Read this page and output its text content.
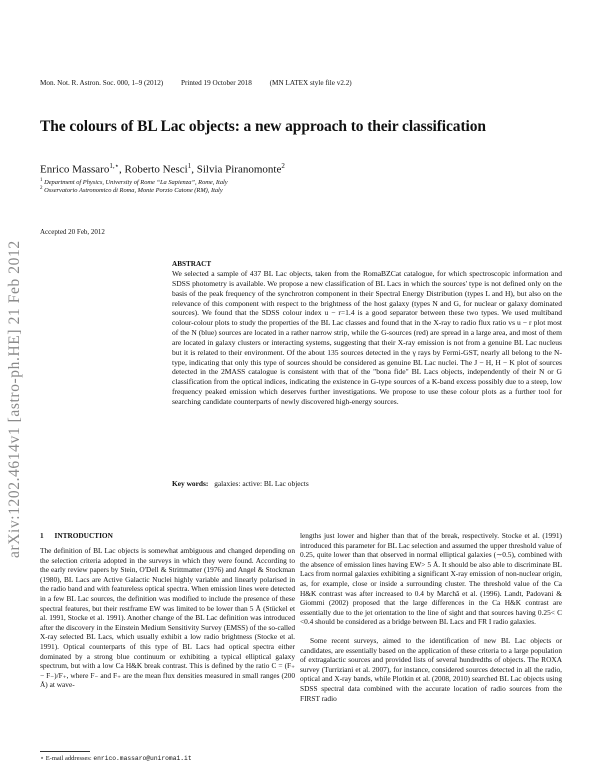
arXiv:1202.4614v1 [astro-ph.HE] 21 Feb 2012
Mon. Not. R. Astron. Soc. 000, 1–9 (2012) Printed 19 October 2018 (MN LATEX style file v2.2)
The colours of BL Lac objects: a new approach to their classification
Enrico Massaro$^{1,⋆}$, Roberto Nesci$^1$, Silvia Piranomonte$^2$
$^1$ Department of Physics, University of Rome “La Sapienza”, Rome, Italy
$^2$ Osservatorio Astronomico di Roma, Monte Porzio Catone (RM), Italy
Accepted 20 Feb, 2012
ABSTRACT
We selected a sample of 437 BL Lac objects, taken from the RomaBZCat catalogue, for which spectroscopic information and SDSS photometry is available. We propose a new classification of BL Lacs in which the sources' type is not defined only on the basis of the peak frequency of the synchrotron component in their Spectral Energy Distribution (types L and H), but also on the relevance of this component with respect to the brightness of the host galaxy (types N and G, for nuclear or galaxy dominated sources). We found that the SDSS colour index u − r=1.4 is a good separator between these two types. We used multiband colour-colour plots to study the properties of the BL Lac classes and found that in the X-ray to radio flux ratio vs u − r plot most of the N (blue) sources are located in a rather narrow strip, while the G-sources (red) are spread in a large area, and most of them are located in galaxy clusters or interacting systems, suggesting that their X-ray emission is not from a genuine BL Lac nucleus but it is related to their environment. Of the about 135 sources detected in the γ rays by Fermi-GST, nearly all belong to the N-type, indicating that only this type of sources should be considered as genuine BL Lac nuclei. The J − H, H − K plot of sources detected in the 2MASS catalogue is consistent with that of the "bona fide" BL Lacs objects, independently of their N or G classification from the optical indices, indicating the existence in G-type sources of a K-band excess possibly due to a steep, low frequency peaked emission which deserves further investigations. We propose to use these colour plots as a further tool for searching candidate counterparts of newly discovered high-energy sources.
Key words: galaxies: active: BL Lac objects
1 INTRODUCTION
The definition of BL Lac objects is somewhat ambiguous and changed depending on the selection criteria adopted in the surveys in which they were found. According to the early review papers by Stein, O'Dell & Strittmatter (1976) and Angel & Stockman (1980), BL Lacs are Active Galactic Nuclei highly variable and linearly polarised in the radio band and with featureless optical spectra. When emission lines were detected in a few BL Lac sources, the definition was modified to include the presence of these spectral features, but their restframe EW was limited to be lower than 5 Å (Stückel et al. 1991, Stocke et al. 1991). Another change of the BL Lac definition was introduced after the discovery in the Einstein Medium Sensitivity Survey (EMSS) of the so-called X-ray selected BL Lacs, which usually exhibit a low radio brightness (Stocke et al. 1991). Optical counterparts of this type of BL Lacs had optical spectra either dominated by a strong blue continuum or exhibiting a typical elliptical galaxy spectrum, but with a low Ca H&K break contrast. This is defined by the ratio C = (F₊ − F₋)/F₊, where F₋ and F₊ are the mean flux densities measured in small ranges (200 Å) at wave-

lengths just lower and higher than that of the break, respectively. Stocke et al. (1991) introduced this parameter for BL Lac selection and assumed the upper threshold value of 0.25, quite lower than that observed in normal elliptical galaxies (∼0.5), combined with the absence of emission lines having EW> 5 Å. It should be also able to discriminate BL Lacs from normal galaxies exhibiting a significant X-ray emission of non-nuclear origin, as, for example, close or inside a surrounding cluster. The threshold value of the Ca H&K contrast was after increased to 0.4 by Marchã et al. (1996). Landt, Padovani & Giommi (2002) proposed that the large differences in the Ca H&K contrast are essentially due to the jet orientation to the line of sight and that sources having 0.25< C <0.4 should be considered as a bridge between BL Lacs and FR I radio galaxies.

Some recent surveys, aimed to the identification of new BL Lac objects or candidates, are essentially based on the application of these criteria to a large population of extragalactic sources and provided lists of several hundredths of objects. The ROXA survey (Turriziani et al. 2007), for instance, considered sources detected in all the radio, optical and X-ray bands, while Plotkin et al. (2008, 2010) searched BL Lac objects using SDSS spectral data combined with the accurate location of radio sources from the FIRST radio

⋆ E-mail addresses: enrico.massaro@uniroma1.it
